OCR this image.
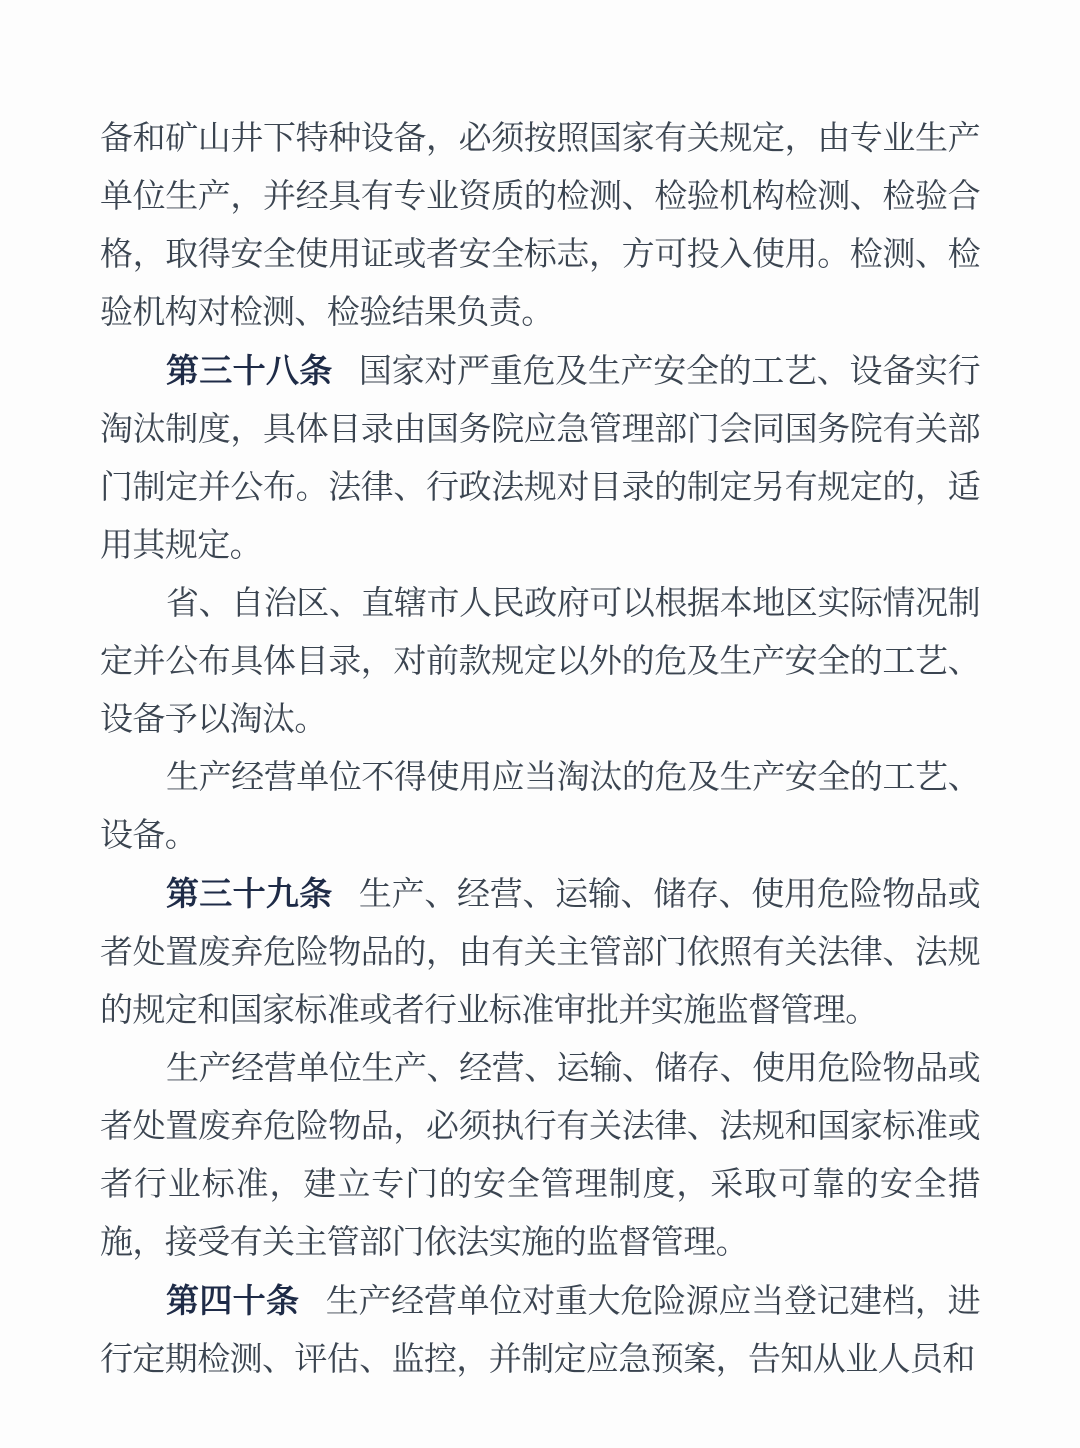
备和矿山井下特种设备，必须按照国家有关规定，由专业生产单位生产，并经具有专业资质的检测、检验机构检测、检验合格，取得安全使用证或者安全标志，方可投入使用。检测、检验机构对检测、检验结果负责。

第三十八条 国家对严重危及生产安全的工艺、设备实行淘汰制度，具体目录由国务院应急管理部门会同国务院有关部门制定并公布。法律、行政法规对目录的制定另有规定的，适用其规定。

省、自治区、直辖市人民政府可以根据本地区实际情况制定并公布具体目录，对前款规定以外的危及生产安全的工艺、设备予以淘汰。

生产经营单位不得使用应当淘汰的危及生产安全的工艺、设备。

第三十九条 生产、经营、运输、储存、使用危险物品或者处置废弃危险物品的，由有关主管部门依照有关法律、法规的规定和国家标准或者行业标准审批并实施监督管理。

生产经营单位生产、经营、运输、储存、使用危险物品或者处置废弃危险物品，必须执行有关法律、法规和国家标准或者行业标准，建立专门的安全管理制度，采取可靠的安全措施，接受有关主管部门依法实施的监督管理。

第四十条 生产经营单位对重大危险源应当登记建档，进行定期检测、评估、监控，并制定应急预案，告知从业人员和
